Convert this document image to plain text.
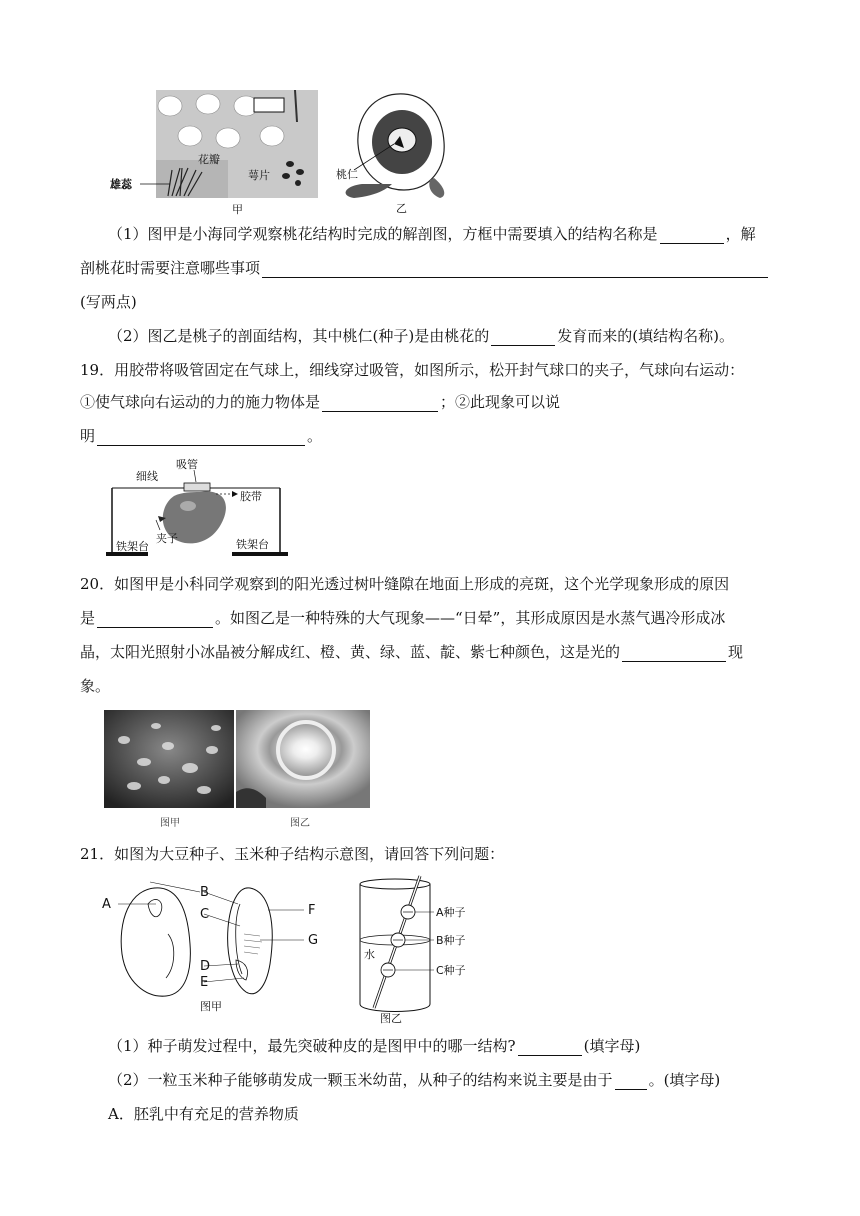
雄蕊
花瓣
萼片
甲
桃仁
乙
（1）图甲是小海同学观察桃花结构时完成的解剖图，方框中需要填入的结构名称是	，解
剖桃花时需要注意哪些事项
(写两点)
（2）图乙是桃子的剖面结构，其中桃仁(种子)是由桃花的	发育而来的(填结构名称)。
19．用胶带将吸管固定在气球上，细线穿过吸管，如图所示，松开封气球口的夹子，气球向右运动：
①使气球向右运动的力的施力物体是	；②此现象可以说
明	。
细线
吸管
胶带
夹子
铁架台	铁架台
20．如图甲是小科同学观察到的阳光透过树叶缝隙在地面上形成的亮斑，这个光学现象形成的原因
是	。如图乙是一种特殊的大气现象——“日晕”，其形成原因是水蒸气遇冷形成冰
晶，太阳光照射小冰晶被分解成红、橙、黄、绿、蓝、靛、紫七种颜色，这是光的	现
象。
图甲	图乙
21．如图为大豆种子、玉米种子结构示意图，请回答下列问题：
A
B
C
D
E
F
G
图甲
A种子
B种子
C种子
水
图乙
（1）种子萌发过程中，最先突破种皮的是图甲中的哪一结构?	(填字母)
（2）一粒玉米种子能够萌发成一颗玉米幼苗，从种子的结构来说主要是由于 。(填字母)
A．胚乳中有充足的营养物质
